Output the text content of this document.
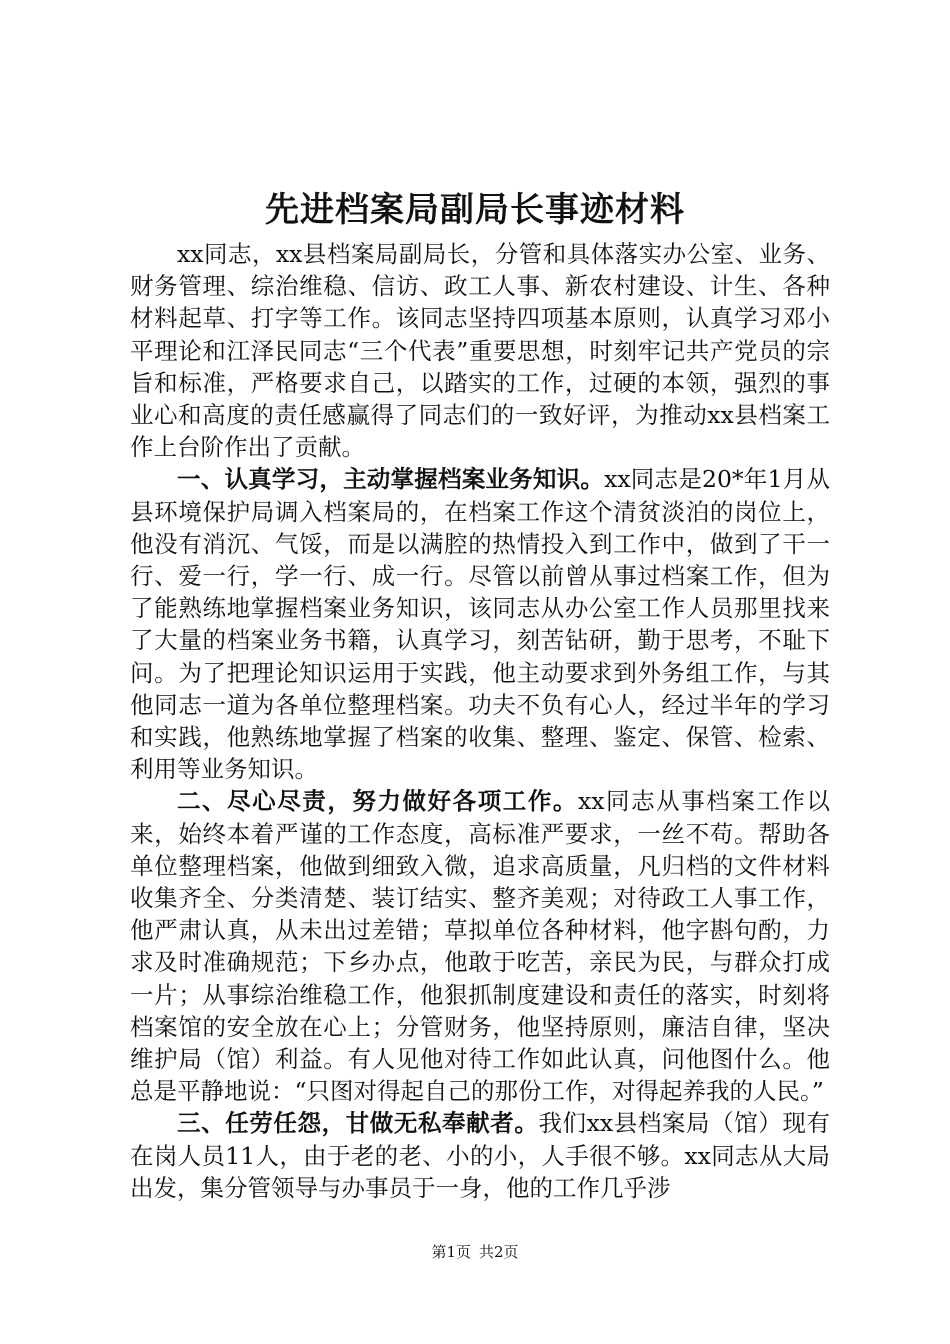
先进档案局副局长事迹材料

xx同志，xx县档案局副局长，分管和具体落实办公室、业务、财务管理、综治维稳、信访、政工人事、新农村建设、计生、各种材料起草、打字等工作。该同志坚持四项基本原则，认真学习邓小平理论和江泽民同志“三个代表”重要思想，时刻牢记共产党员的宗旨和标准，严格要求自己，以踏实的工作，过硬的本领，强烈的事业心和高度的责任感赢得了同志们的一致好评，为推动xx县档案工作上台阶作出了贡献。

一、认真学习，主动掌握档案业务知识。xx同志是20*年1月从县环境保护局调入档案局的，在档案工作这个清贫淡泊的岗位上，他没有消沉、气馁，而是以满腔的热情投入到工作中，做到了干一行、爱一行，学一行、成一行。尽管以前曾从事过档案工作，但为了能熟练地掌握档案业务知识，该同志从办公室工作人员那里找来了大量的档案业务书籍，认真学习，刻苦钻研，勤于思考，不耻下问。为了把理论知识运用于实践，他主动要求到外务组工作，与其他同志一道为各单位整理档案。功夫不负有心人，经过半年的学习和实践，他熟练地掌握了档案的收集、整理、鉴定、保管、检索、利用等业务知识。

二、尽心尽责，努力做好各项工作。xx同志从事档案工作以来，始终本着严谨的工作态度，高标准严要求，一丝不苟。帮助各单位整理档案，他做到细致入微，追求高质量，凡归档的文件材料收集齐全、分类清楚、装订结实、整齐美观；对待政工人事工作，他严肃认真，从未出过差错；草拟单位各种材料，他字斟句酌，力求及时准确规范；下乡办点，他敢于吃苦，亲民为民，与群众打成一片；从事综治维稳工作，他狠抓制度建设和责任的落实，时刻将档案馆的安全放在心上；分管财务，他坚持原则，廉洁自律，坚决维护局（馆）利益。有人见他对待工作如此认真，问他图什么。他总是平静地说：“只图对得起自己的那份工作，对得起养我的人民。”

三、任劳任怨，甘做无私奉献者。我们xx县档案局（馆）现有在岗人员11人，由于老的老、小的小，人手很不够。xx同志从大局出发，集分管领导与办事员于一身，他的工作几乎涉

第1页 共2页
